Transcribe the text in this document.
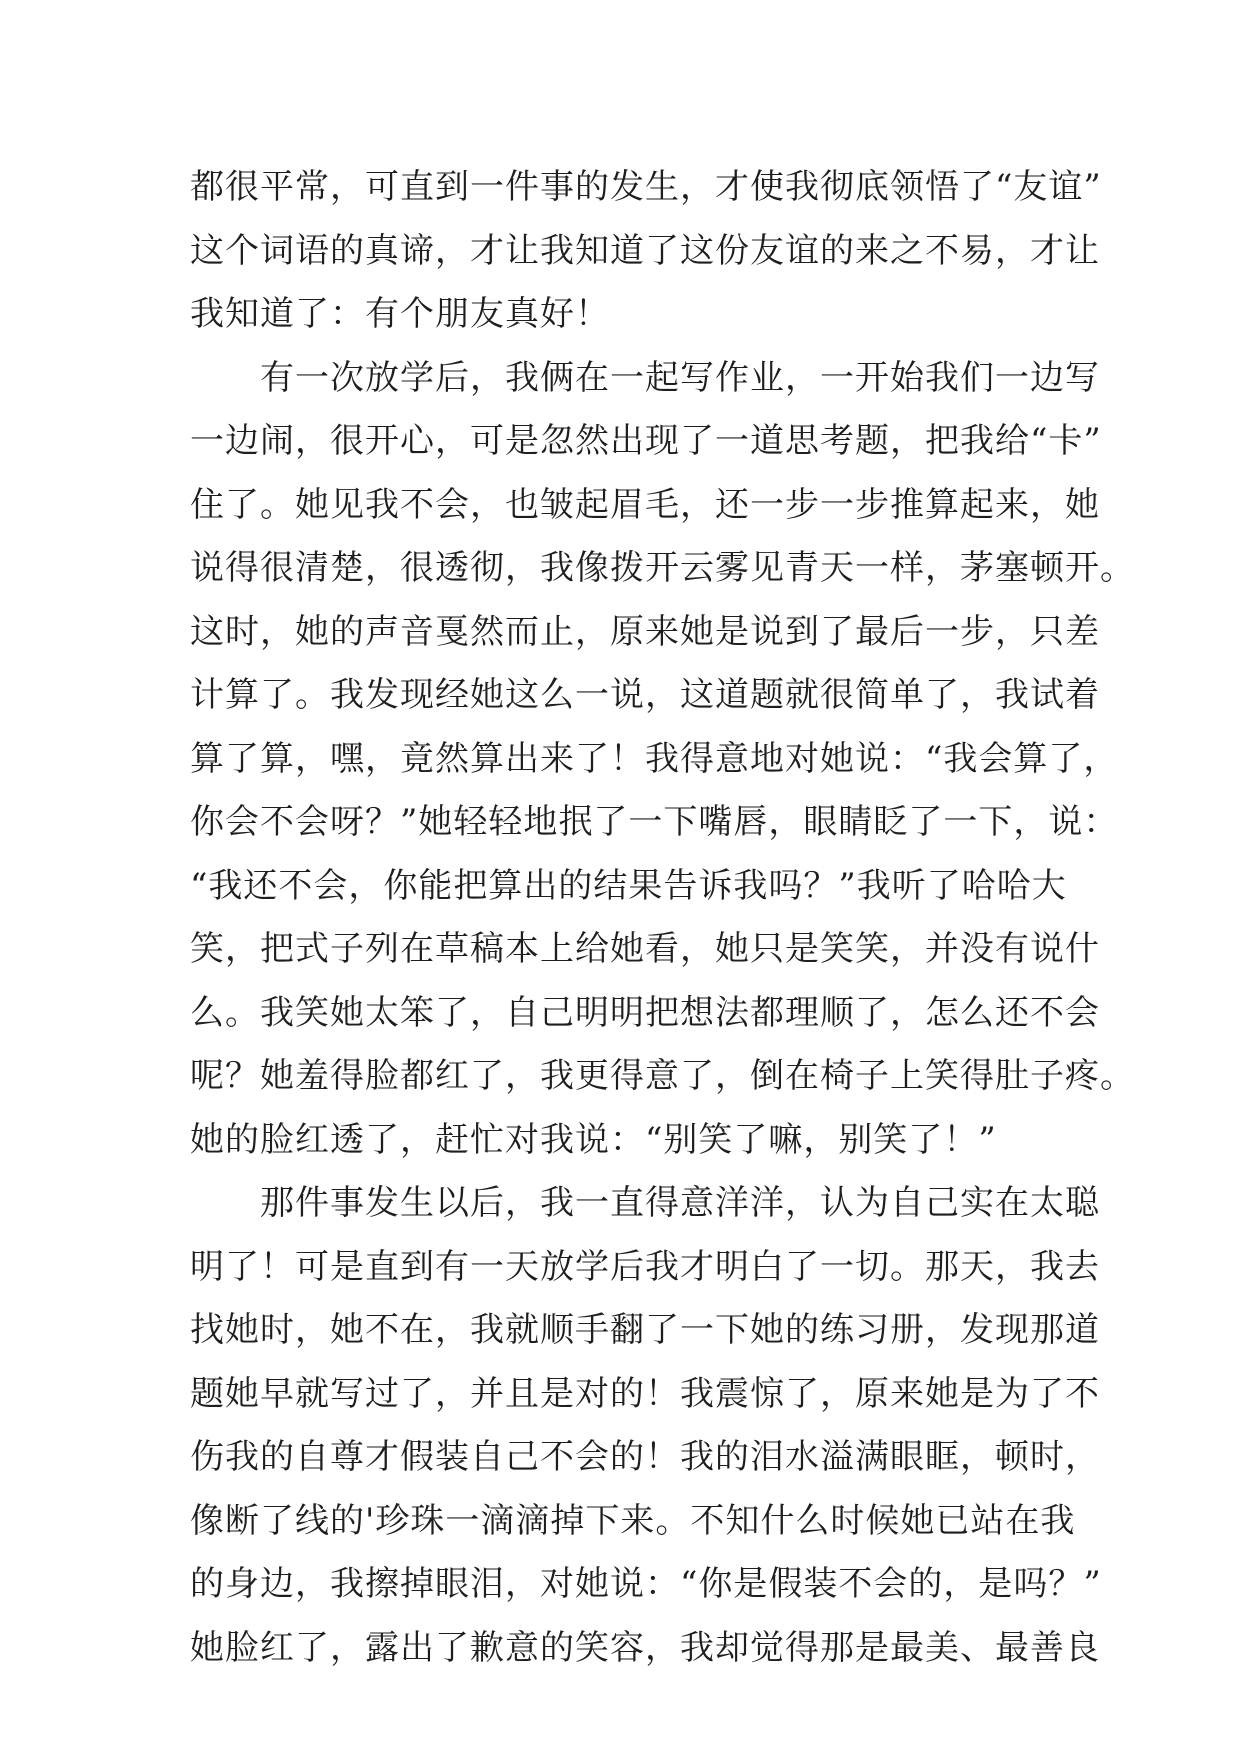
都很平常，可直到一件事的发生，才使我彻底领悟了“友谊”
这个词语的真谛，才让我知道了这份友谊的来之不易，才让
我知道了：有个朋友真好！
　　有一次放学后，我俩在一起写作业，一开始我们一边写
一边闹，很开心，可是忽然出现了一道思考题，把我给“卡”
住了。她见我不会，也皱起眉毛，还一步一步推算起来，她
说得很清楚，很透彻，我像拨开云雾见青天一样，茅塞顿开。
这时，她的声音戛然而止，原来她是说到了最后一步，只差
计算了。我发现经她这么一说，这道题就很简单了，我试着
算了算，嘿，竟然算出来了！我得意地对她说：“我会算了，
你会不会呀？”她轻轻地抿了一下嘴唇，眼睛眨了一下，说：
“我还不会，你能把算出的结果告诉我吗？”我听了哈哈大
笑，把式子列在草稿本上给她看，她只是笑笑，并没有说什
么。我笑她太笨了，自己明明把想法都理顺了，怎么还不会
呢？她羞得脸都红了，我更得意了，倒在椅子上笑得肚子疼。
她的脸红透了，赶忙对我说：“别笑了嘛，别笑了！”
　　那件事发生以后，我一直得意洋洋，认为自己实在太聪
明了！可是直到有一天放学后我才明白了一切。那天，我去
找她时，她不在，我就顺手翻了一下她的练习册，发现那道
题她早就写过了，并且是对的！我震惊了，原来她是为了不
伤我的自尊才假装自己不会的！我的泪水溢满眼眶，顿时，
像断了线的'珍珠一滴滴掉下来。不知什么时候她已站在我
的身边，我擦掉眼泪，对她说：“你是假装不会的，是吗？”
她脸红了，露出了歉意的笑容，我却觉得那是最美、最善良
